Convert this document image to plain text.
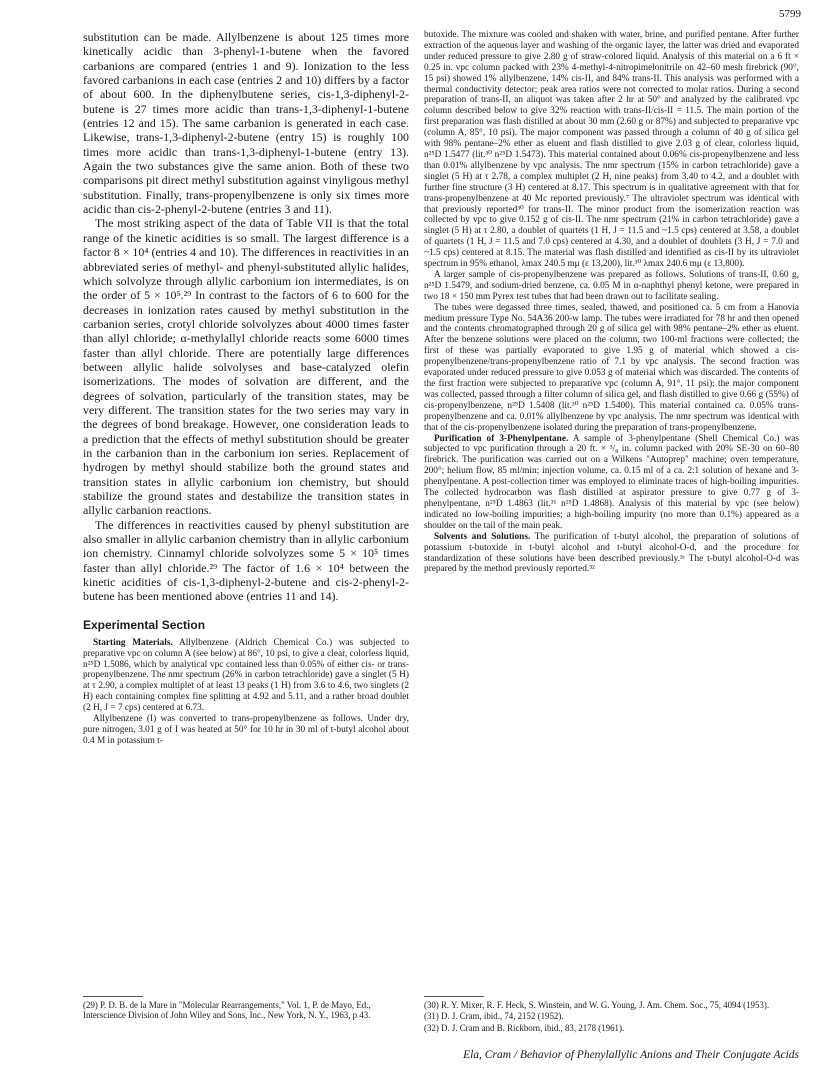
5799

substitution can be made. Allylbenzene is about 125 times more kinetically acidic than 3-phenyl-1-butene when the favored carbanions are compared (entries 1 and 9). Ionization to the less favored carbanions in each case (entries 2 and 10) differs by a factor of about 600. In the diphenylbutene series, cis-1,3-diphenyl-2-butene is 27 times more acidic than trans-1,3-diphenyl-1-butene (entries 12 and 15). The same carbanion is generated in each case. Likewise, trans-1,3-diphenyl-2-butene (entry 15) is roughly 100 times more acidic than trans-1,3-diphenyl-1-butene (entry 13). Again the two substances give the same anion. Both of these two comparisons pit direct methyl substitution against vinyligous methyl substitution. Finally, trans-propenylbenzene is only six times more acidic than cis-2-phenyl-2-butene (entries 3 and 11).

The most striking aspect of the data of Table VII is that the total range of the kinetic acidities is so small. The largest difference is a factor 8 × 10⁴ (entries 4 and 10). The differences in reactivities in an abbreviated series of methyl- and phenyl-substituted allylic halides, which solvolyze through allylic carbonium ion intermediates, is on the order of 5 × 10⁵.²⁹ In contrast to the factors of 6 to 600 for the decreases in ionization rates caused by methyl substitution in the carbanion series, crotyl chloride solvolyzes about 4000 times faster than allyl chloride; α-methylallyl chloride reacts some 6000 times faster than allyl chloride. There are potentially large differences between allylic halide solvolyses and base-catalyzed olefin isomerizations. The modes of solvation are different, and the degrees of solvation, particularly of the transition states, may be very different. The transition states for the two series may vary in the degrees of bond breakage. However, one consideration leads to a prediction that the effects of methyl substitution should be greater in the carbanion than in the carbonium ion series. Replacement of hydrogen by methyl should stabilize both the ground states and transition states in allylic carbonium ion chemistry, but should stabilize the ground states and destabilize the transition states in allylic carbanion reactions.

The differences in reactivities caused by phenyl substitution are also smaller in allylic carbanion chemistry than in allylic carbonium ion chemistry. Cinnamyl chloride solvolyzes some 5 × 10⁵ times faster than allyl chloride.²⁹ The factor of 1.6 × 10⁴ between the kinetic acidities of cis-1,3-diphenyl-2-butene and cis-2-phenyl-2-butene has been mentioned above (entries 11 and 14).

Experimental Section

Starting Materials. Allylbenzene (Aldrich Chemical Co.) was subjected to preparative vpc on column A (see below) at 86°, 10 psi, to give a clear, colorless liquid, n²⁵D 1.5086, which by analytical vpc contained less than 0.05% of either cis- or trans-propenylbenzene. The nmr spectrum (26% in carbon tetrachloride) gave a singlet (5 H) at τ 2.90, a complex multiplet of at least 13 peaks (1 H) from 3.6 to 4.6, two singlets (2 H) each containing complex fine splitting at 4.92 and 5.11, and a rather broad doublet (2 H, J = 7 cps) centered at 6.73.

Allylbenzene (I) was converted to trans-propenylbenzene as follows. Under dry, pure nitrogen, 3.01 g of I was heated at 50° for 10 hr in 30 ml of t-butyl alcohol about 0.4 M in potassium t-

butoxide. The mixture was cooled and shaken with water, brine, and purified pentane. After further extraction of the aqueous layer and washing of the organic layer, the latter was dried and evaporated under reduced pressure to give 2.80 g of straw-colored liquid. Analysis of this material on a 6 ft × 0.25 in. vpc column packed with 23% 4-methyl-4-nitropimelonitrile on 42–60 mesh firebrick (90°, 15 psi) showed 1% allylbenzene, 14% cis-II, and 84% trans-II. This analysis was performed with a thermal conductivity detector; peak area ratios were not corrected to molar ratios. During a second preparation of trans-II, an aliquot was taken after 2 hr at 50° and analyzed by the calibrated vpc column described below to give 32% reaction with trans-II/cis-II = 11.5. The main portion of the first preparation was flash distilled at about 30 mm (2.60 g or 87%) and subjected to preparative vpc (column A, 85°, 10 psi). The major component was passed through a column of 40 g of silica gel with 98% pentane–2% ether as eluent and flash distilled to give 2.03 g of clear, colorless liquid, n²⁵D 1.5477 (lit.³⁰ n²⁵D 1.5473). This material contained about 0.06% cis-propenylbenzene and less than 0.01% allylbenzene by vpc analysis. The nmr spectrum (15% in carbon tetrachloride) gave a singlet (5 H) at τ 2.78, a complex multiplet (2 H, nine peaks) from 3.40 to 4.2, and a doublet with further fine structure (3 H) centered at 8.17. This spectrum is in qualitative agreement with that for trans-propenylbenzene at 40 Mc reported previously.⁷ The ultraviolet spectrum was identical with that previously reported³⁰ for trans-II. The minor product from the isomerization reaction was collected by vpc to give 0.152 g of cis-II. The nmr spectrum (21% in carbon tetrachloride) gave a singlet (5 H) at τ 2.80, a doublet of quartets (1 H, J = 11.5 and ~1.5 cps) centered at 3.58, a doublet of quartets (1 H, J = 11.5 and 7.0 cps) centered at 4.30, and a doublet of doublets (3 H, J = 7.0 and ~1.5 cps) centered at 8.15. The material was flash distilled and identified as cis-II by its ultraviolet spectrum in 95% ethanol, λmax 240.5 mμ (ε 13,200), lit.³⁰ λmax 240.6 mμ (ε 13,800).

A larger sample of cis-propenylbenzene was prepared as follows. Solutions of trans-II, 0.60 g, n²⁵D 1.5479, and sodium-dried benzene, ca. 0.05 M in α-naphthyl phenyl ketone, were prepared in two 18 × 150 mm Pyrex test tubes that had been drawn out to facilitate sealing.

The tubes were degassed three times, sealed, thawed, and positioned ca. 5 cm from a Hanovia medium pressure Type No. 54A36 200-w lamp. The tubes were irradiated for 78 hr and then opened and the contents chromatographed through 20 g of silica gel with 98% pentane–2% ether as eluent. After the benzene solutions were placed on the column, two 100-ml fractions were collected; the first of these was partially evaporated to give 1.95 g of material which showed a cis-propenylbenzene/trans-propenylbenzene ratio of 7.1 by vpc analysis. The second fraction was evaporated under reduced pressure to give 0.053 g of material which was discarded. The contents of the first fraction were subjected to preparative vpc (column A, 91°, 11 psi); the major component was collected, passed through a filter column of silica gel, and flash distilled to give 0.66 g (55%) of cis-propenylbenzene, n²⁵D 1.5408 (lit.³⁰ n²⁵D 1.5400). This material contained ca. 0.05% trans-propenylbenzene and ca. 0.01% allylbenzene by vpc analysis. The nmr spectrum was identical with that of the cis-propenylbenzene isolated during the preparation of trans-propenylbenzene.

Purification of 3-Phenylpentane. A sample of 3-phenylpentane (Shell Chemical Co.) was subjected to vpc purification through a 20 ft. × ³/₈ in. column packed with 20% SE-30 on 60–80 firebrick. The purification was carried out on a Wilkens "Autoprep" machine; oven temperature, 200°; helium flow, 85 ml/min; injection volume, ca. 0.15 ml of a ca. 2:1 solution of hexane and 3-phenylpentane. A post-collection timer was employed to eliminate traces of high-boiling impurities. The collected hydrocarbon was flash distilled at aspirator pressure to give 0.77 g of 3-phenylpentane, n²⁵D 1.4863 (lit.³¹ n²⁵D 1.4868). Analysis of this material by vpc (see below) indicated no low-boiling impurities; a high-boiling impurity (no more than 0.1%) appeared as a shoulder on the tail of the main peak.

Solvents and Solutions. The purification of t-butyl alcohol, the preparation of solutions of potassium t-butoxide in t-butyl alcohol and t-butyl alcohol-O-d, and the procedure for standardization of these solutions have been described previously.³ᶜ The t-butyl alcohol-O-d was prepared by the method previously reported.³²

(29) P. D. B. de la Mare in "Molecular Rearrangements," Vol. 1, P. de Mayo, Ed., Interscience Division of John Wiley and Sons, Inc., New York, N. Y., 1963, p 43.

(30) R. Y. Mixer, R. F. Heck, S. Winstein, and W. G. Young, J. Am. Chem. Soc., 75, 4094 (1953).

(31) D. J. Cram, ibid., 74, 2152 (1952).

(32) D. J. Cram and B. Rickborn, ibid., 83, 2178 (1961).

Ela, Cram / Behavior of Phenylallylic Anions and Their Conjugate Acids
